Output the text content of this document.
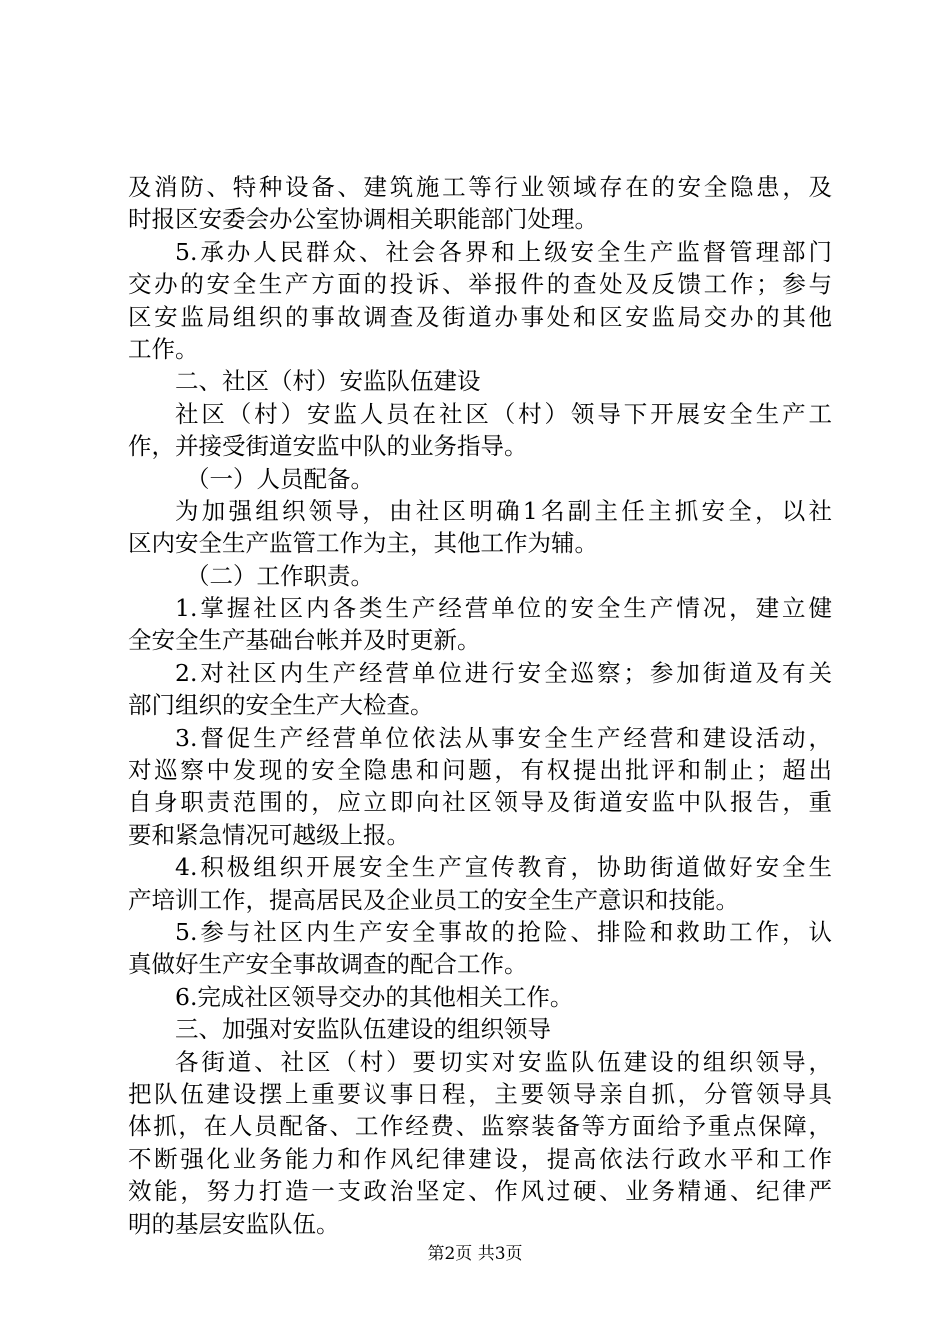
及消防、特种设备、建筑施工等行业领域存在的安全隐患，及
时报区安委会办公室协调相关职能部门处理。
5.承办人民群众、社会各界和上级安全生产监督管理部门
交办的安全生产方面的投诉、举报件的查处及反馈工作；参与
区安监局组织的事故调查及街道办事处和区安监局交办的其他
工作。
二、社区（村）安监队伍建设
社区（村）安监人员在社区（村）领导下开展安全生产工
作，并接受街道安监中队的业务指导。
（一）人员配备。
为加强组织领导，由社区明确1名副主任主抓安全，以社
区内安全生产监管工作为主，其他工作为辅。
（二）工作职责。
1.掌握社区内各类生产经营单位的安全生产情况，建立健
全安全生产基础台帐并及时更新。
2.对社区内生产经营单位进行安全巡察；参加街道及有关
部门组织的安全生产大检查。
3.督促生产经营单位依法从事安全生产经营和建设活动，
对巡察中发现的安全隐患和问题，有权提出批评和制止；超出
自身职责范围的，应立即向社区领导及街道安监中队报告，重
要和紧急情况可越级上报。
4.积极组织开展安全生产宣传教育，协助街道做好安全生
产培训工作，提高居民及企业员工的安全生产意识和技能。
5.参与社区内生产安全事故的抢险、排险和救助工作，认
真做好生产安全事故调查的配合工作。
6.完成社区领导交办的其他相关工作。
三、加强对安监队伍建设的组织领导
各街道、社区（村）要切实对安监队伍建设的组织领导，
把队伍建设摆上重要议事日程，主要领导亲自抓，分管领导具
体抓，在人员配备、工作经费、监察装备等方面给予重点保障，
不断强化业务能力和作风纪律建设，提高依法行政水平和工作
效能，努力打造一支政治坚定、作风过硬、业务精通、纪律严
明的基层安监队伍。
第2页 共3页
